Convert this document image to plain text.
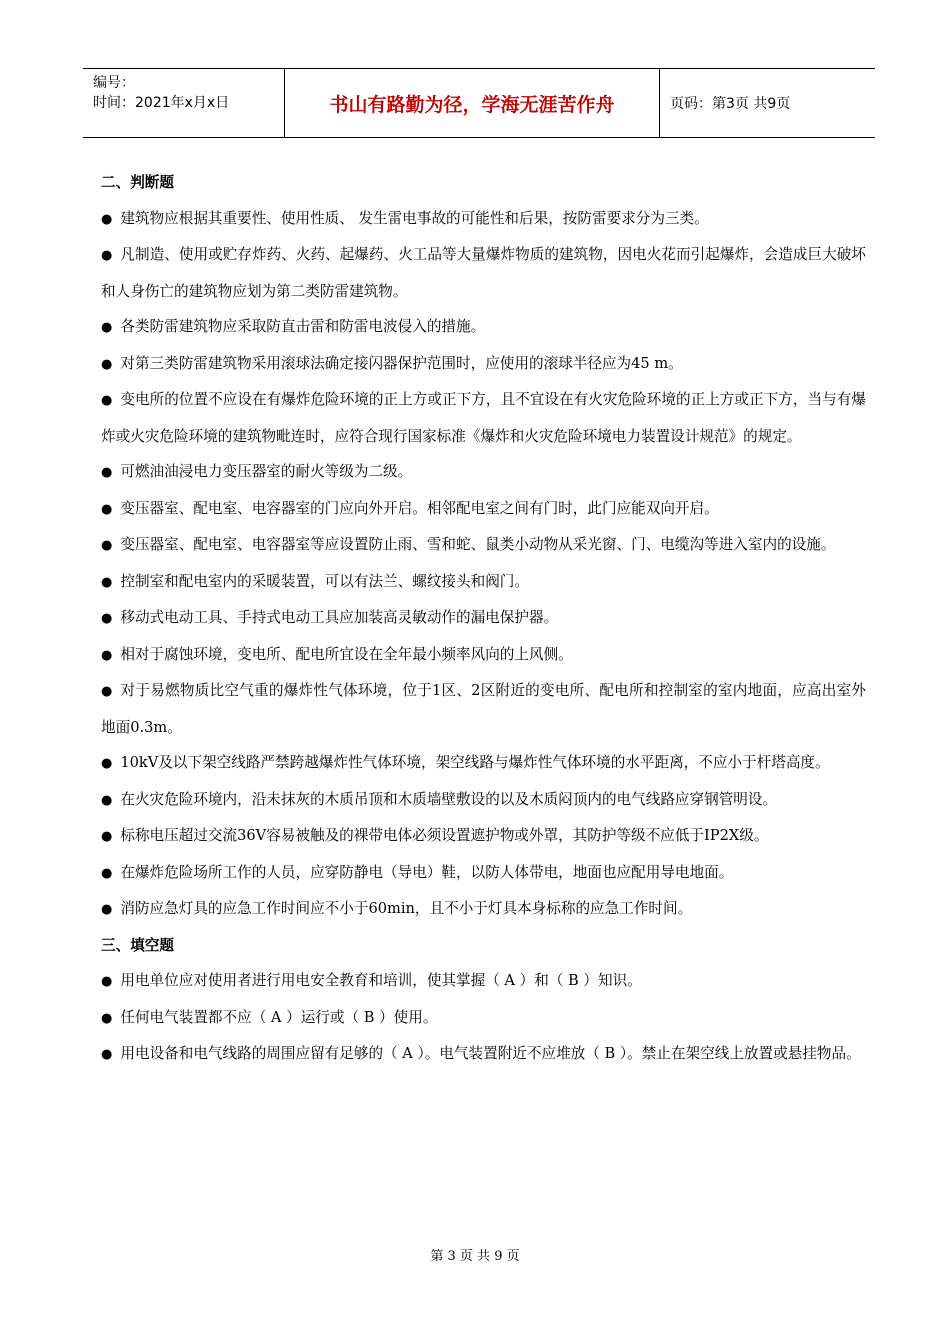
编号：
时间：2021年x月x日	书山有路勤为径，学海无涯苦作舟	页码：第3页 共9页
二、判断题
● 建筑物应根据其重要性、使用性质、 发生雷电事故的可能性和后果，按防雷要求分为三类。
● 凡制造、使用或贮存炸药、火药、起爆药、火工品等大量爆炸物质的建筑物，因电火花而引起爆炸，会造成巨大破坏和人身伤亡的建筑物应划为第二类防雷建筑物。
● 各类防雷建筑物应采取防直击雷和防雷电波侵入的措施。
● 对第三类防雷建筑物采用滚球法确定接闪器保护范围时，应使用的滚球半径应为45 m。
● 变电所的位置不应设在有爆炸危险环境的正上方或正下方，且不宜设在有火灾危险环境的正上方或正下方，当与有爆炸或火灾危险环境的建筑物毗连时，应符合现行国家标准《爆炸和火灾危险环境电力装置设计规范》的规定。
● 可燃油油浸电力变压器室的耐火等级为二级。
● 变压器室、配电室、电容器室的门应向外开启。相邻配电室之间有门时，此门应能双向开启。
● 变压器室、配电室、电容器室等应设置防止雨、雪和蛇、鼠类小动物从采光窗、门、电缆沟等进入室内的设施。
● 控制室和配电室内的采暖装置，可以有法兰、螺纹接头和阀门。
● 移动式电动工具、手持式电动工具应加装高灵敏动作的漏电保护器。
● 相对于腐蚀环境，变电所、配电所宜设在全年最小频率风向的上风侧。
● 对于易燃物质比空气重的爆炸性气体环境，位于1区、2区附近的变电所、配电所和控制室的室内地面，应高出室外地面0.3m。
● 10kV及以下架空线路严禁跨越爆炸性气体环境，架空线路与爆炸性气体环境的水平距离，不应小于杆塔高度。
● 在火灾危险环境内，沿未抹灰的木质吊顶和木质墙壁敷设的以及木质闷顶内的电气线路应穿钢管明设。
● 标称电压超过交流36V容易被触及的裸带电体必须设置遮护物或外罩，其防护等级不应低于IP2X级。
● 在爆炸危险场所工作的人员，应穿防静电（导电）鞋，以防人体带电，地面也应配用导电地面。
● 消防应急灯具的应急工作时间应不小于60min，且不小于灯具本身标称的应急工作时间。
三、填空题
● 用电单位应对使用者进行用电安全教育和培训，使其掌握（ A ）和（ B ）知识。
● 任何电气装置都不应（ A ）运行或（ B ）使用。
● 用电设备和电气线路的周围应留有足够的（ A ）。电气装置附近不应堆放（ B ）。禁止在架空线上放置或悬挂物品。
第 3 页 共 9 页
